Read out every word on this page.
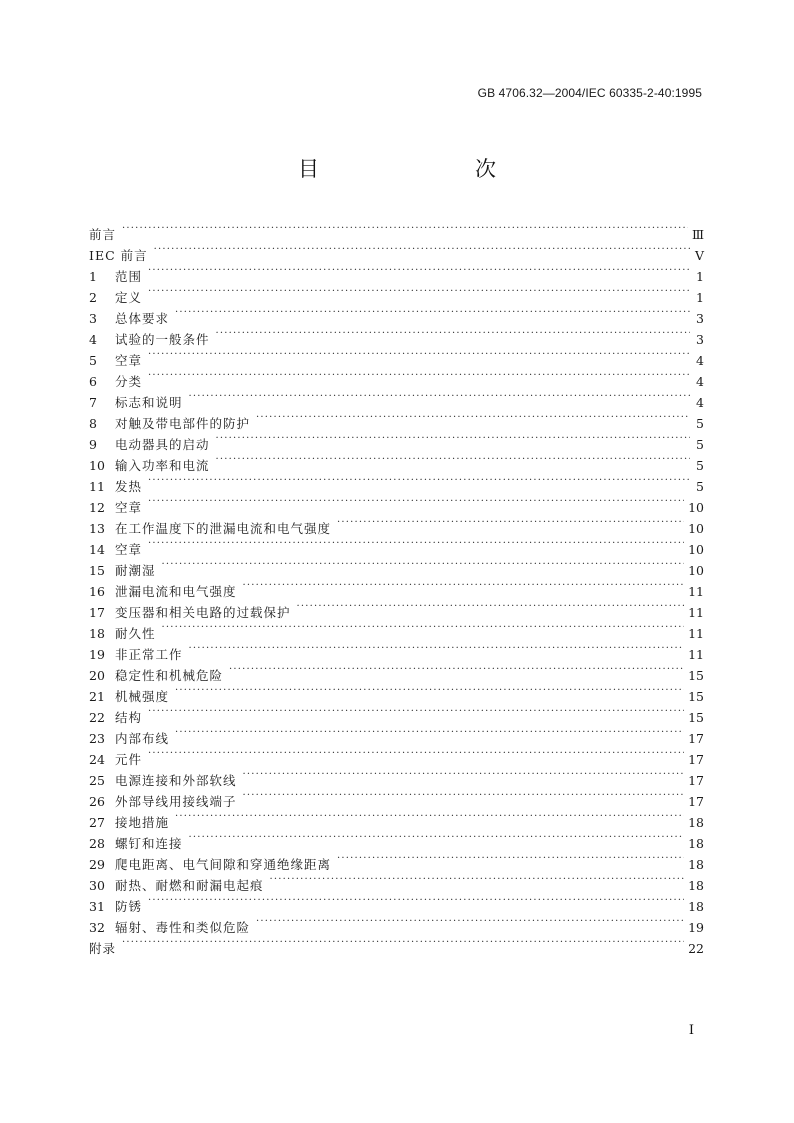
GB 4706.32—2004/IEC 60335-2-40:1995
目　　次
前言 ·····	Ⅲ
IEC 前言 ·····	Ⅴ
1	范围 ·····	1
2	定义 ·····	1
3	总体要求 ·····	3
4	试验的一般条件 ·····	3
5	空章 ·····	4
6	分类 ·····	4
7	标志和说明 ·····	4
8	对触及带电部件的防护 ·····	5
9	电动器具的启动 ·····	5
10 输入功率和电流 ·····	5
11 发热 ·····	5
12 空章 ·····	10
13 在工作温度下的泄漏电流和电气强度 ·····	10
14 空章 ·····	10
15 耐潮湿 ·····	10
16 泄漏电流和电气强度 ·····	11
17 变压器和相关电路的过载保护 ·····	11
18 耐久性 ·····	11
19 非正常工作 ·····	11
20 稳定性和机械危险 ·····	15
21 机械强度 ·····	15
22 结构 ·····	15
23 内部布线 ·····	17
24 元件 ·····	17
25 电源连接和外部软线 ·····	17
26 外部导线用接线端子 ·····	17
27 接地措施 ·····	18
28 螺钉和连接 ·····	18
29 爬电距离、电气间隙和穿通绝缘距离 ·····	18
30 耐热、耐燃和耐漏电起痕 ·····	18
31 防锈 ·····	18
32 辐射、毒性和类似危险 ·····	19
附录 ·····	22
I
